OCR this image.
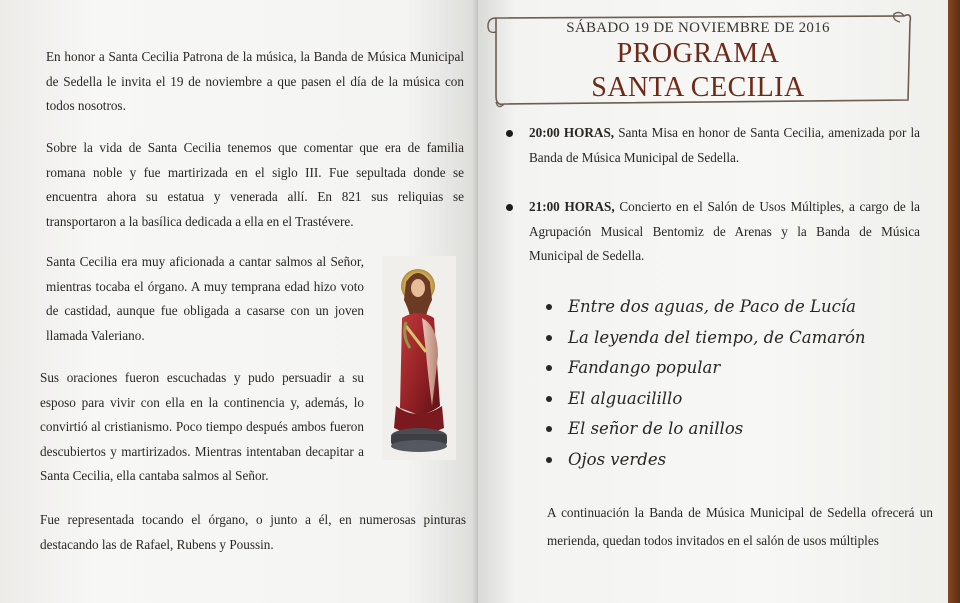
En honor a Santa Cecilia Patrona de la música, la Banda de Música Municipal de Sedella le invita el 19 de noviembre a que pasen el día de la música con todos nosotros.

Sobre la vida de Santa Cecilia tenemos que comentar que era de familia romana noble y fue martirizada en el siglo III. Fue sepultada donde se encuentra ahora su estatua y venerada allí. En 821 sus reliquias se transportaron a la basílica dedicada a ella en el Trastévere.

Santa Cecilia era muy aficionada a cantar salmos al Señor, mientras tocaba el órgano. A muy temprana edad hizo voto de castidad, aunque fue obligada a casarse con un joven llamada Valeriano.

Sus oraciones fueron escuchadas y pudo persuadir a su esposo para vivir con ella en la continencia y, además, lo convirtió al cristianismo. Poco tiempo después ambos fueron descubiertos y martirizados. Mientras intentaban decapitar a Santa Cecilia, ella cantaba salmos al Señor.

Fue representada tocando el órgano, o junto a él, en numerosas pinturas destacando las de Rafael, Rubens y Poussin.

SÁBADO 19 DE NOVIEMBRE DE 2016
PROGRAMA
SANTA CECILIA

20:00 HORAS, Santa Misa en honor de Santa Cecilia, amenizada por la Banda de Música Municipal de Sedella.

21:00 HORAS, Concierto en el Salón de Usos Múltiples, a cargo de la Agrupación Musical Bentomiz de Arenas y la Banda de Música Municipal de Sedella.

Entre dos aguas, de Paco de Lucía
La leyenda del tiempo, de Camarón
Fandango popular
El alguacilillo
El señor de lo anillos
Ojos verdes

A continuación la Banda de Música Municipal de Sedella ofrecerá un merienda, quedan todos invitados en el salón de usos múltiples
